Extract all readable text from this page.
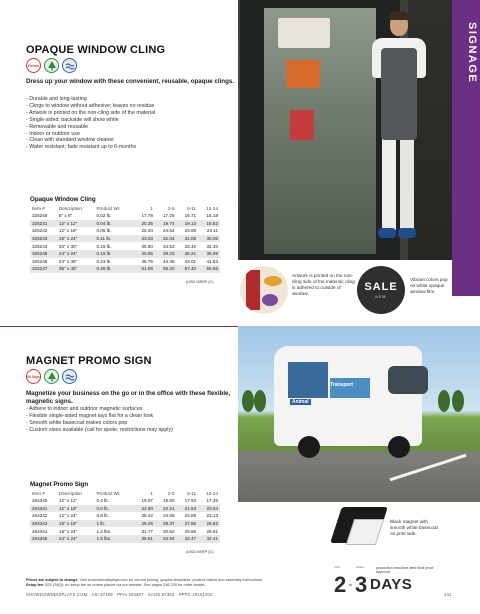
SIGNAGE
OPAQUE WINDOW CLING
Green
Dress up your window with these convenient, reusable, opaque clings.
- Durable and long-lasting
- Clings to window without adhesive; leaves no residue
- Artwork is printed on the non-cling side of the material
- Single-sided; backside will show white
- Removable and reusable
- Indoor or outdoor use
- Clean with standard window cleaner
- Water resistant; fade resistant up to 6-months
Opaque Window Cling
Item #	Description	Product Wt.	1	2-5	6-11	12-24
325240	8" x 8"	0.02 lb.	17.78	17.25	16.71	16.18
325241	12" x 12"	0.04 lb.	20.35	19.74	19.13	18.52
325242	12" x 18"	0.06 lb.	25.40	24.64	23.88	23.11
325243	18" x 24"	0.11 lb.	33.03	32.04	31.05	30.06
325244	20" x 30"	0.16 lb.	35.60	34.53	33.46	32.40
325245	24" x 24"	0.15 lb.	40.65	39.43	38.21	36.99
325246	24" x 36"	0.23 lb.	45.75	44.38	43.01	41.63
325247	36" x 48"	0.45 lb.	61.05	59.20	57.40	55.55
(USD MSRP (C)
Artwork is printed on the non-cling side of the material; cling is adhered to outside of window.
SALE
NEW
Vibrant colors pop on white opaque window film.
Animal
Transport
MAGNET PROMO SIGN
90 Days
Magnetize your business on the go or in the office with these flexible, magnetic signs.
- Adhere to indoor and outdoor magnetic surfaces
- Flexible single-sided magnet lays flat for a clean look
- Smooth white basecoat makes colors pop
- Custom sizes available (call for quote; restrictions may apply)
Magnet Promo Sign
Item #	Description	Product Wt.	1	2-5	6-11	12-24
264340	12" x 12"	0.4 lb.	19.07	18.50	17.93	17.35
264341	12" x 18"	0.6 lb.	22.90	22.21	21.53	20.84
264342	12" x 24"	0.8 lb.	25.42	24.66	23.89	23.13
264343	18" x 18"	1 lb.	29.25	28.37	27.50	26.62
264344	18" x 24"	1.2 lbs.	31.77	30.82	29.86	28.91
264345	24" x 24"	1.6 lbs.	35.61	34.54	33.47	32.41
(USD MSRP (C)
Black magnet with smooth white basecoat on print side.
Prices are subject to change. Visit showdowndisplays.com for current pricing, graphic templates, product videos and assembly instructions.
Setup fee: $25 (S6Q); no setup fee on orders placed via our website. See pages 236-239 for order details.
SHOWDOWNDISPLAYS.COM · ASI 87169 · PPAI 254667 · SAGE 67363 · PPPC 20101202
rush	select
2 to 3 DAYS
production lead time after final proof approval
141
